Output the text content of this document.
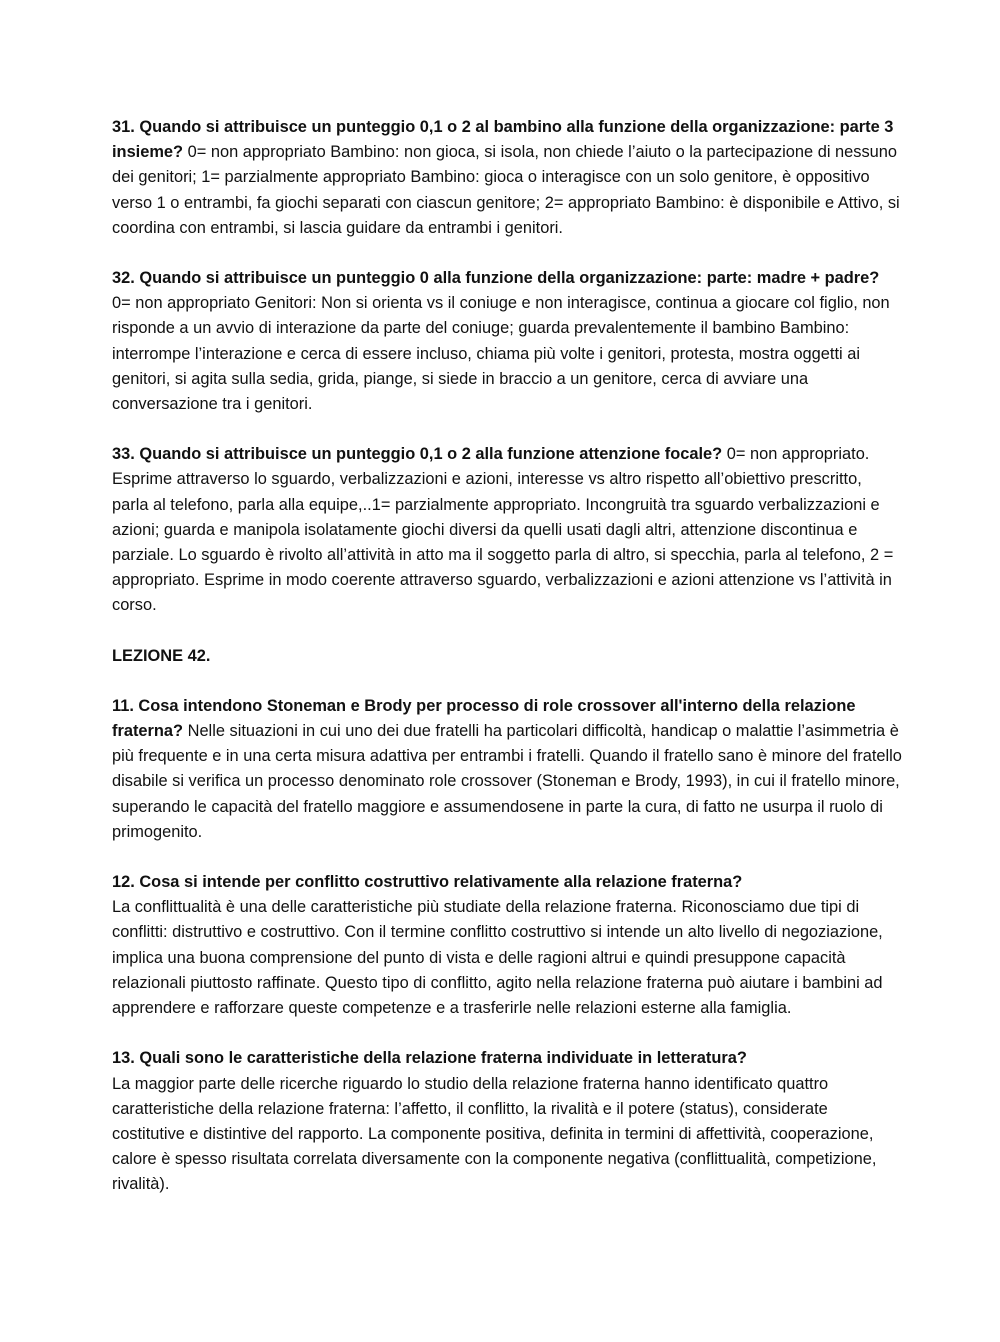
31. Quando si attribuisce un punteggio 0,1 o 2 al bambino alla funzione della organizzazione: parte 3 insieme? 0= non appropriato Bambino: non gioca, si isola, non chiede l’aiuto o la partecipazione di nessuno dei genitori; 1= parzialmente appropriato Bambino: gioca o interagisce con un solo genitore, è oppositivo verso 1 o entrambi, fa giochi separati con ciascun genitore; 2= appropriato Bambino: è disponibile e Attivo, si coordina con entrambi, si lascia guidare da entrambi i genitori.

32. Quando si attribuisce un punteggio 0 alla funzione della organizzazione: parte: madre + padre? 0= non appropriato Genitori: Non si orienta vs il coniuge e non interagisce, continua a giocare col figlio, non risponde a un avvio di interazione da parte del coniuge; guarda prevalentemente il bambino Bambino: interrompe l’interazione e cerca di essere incluso, chiama più volte i genitori, protesta, mostra oggetti ai genitori, si agita sulla sedia, grida, piange, si siede in braccio a un genitore, cerca di avviare una conversazione tra i genitori.

33. Quando si attribuisce un punteggio 0,1 o 2 alla funzione attenzione focale? 0= non appropriato. Esprime attraverso lo sguardo, verbalizzazioni e azioni, interesse vs altro rispetto all’obiettivo prescritto, parla al telefono, parla alla equipe,..1= parzialmente appropriato. Incongruità tra sguardo verbalizzazioni e azioni; guarda e manipola isolatamente giochi diversi da quelli usati dagli altri, attenzione discontinua e parziale. Lo sguardo è rivolto all’attività in atto ma il soggetto parla di altro, si specchia, parla al telefono, 2 = appropriato. Esprime in modo coerente attraverso sguardo, verbalizzazioni e azioni attenzione vs l’attività in corso.

LEZIONE 42.

11. Cosa intendono Stoneman e Brody per processo di role crossover all'interno della relazione fraterna? Nelle situazioni in cui uno dei due fratelli ha particolari difficoltà, handicap o malattie l’asimmetria è più frequente e in una certa misura adattiva per entrambi i fratelli. Quando il fratello sano è minore del fratello disabile si verifica un processo denominato role crossover (Stoneman e Brody, 1993), in cui il fratello minore, superando le capacità del fratello maggiore e assumendosene in parte la cura, di fatto ne usurpa il ruolo di primogenito.

12. Cosa si intende per conflitto costruttivo relativamente alla relazione fraterna?
La conflittualità è una delle caratteristiche più studiate della relazione fraterna. Riconosciamo due tipi di conflitti: distruttivo e costruttivo. Con il termine conflitto costruttivo si intende un alto livello di negoziazione, implica una buona comprensione del punto di vista e delle ragioni altrui e quindi presuppone capacità relazionali piuttosto raffinate. Questo tipo di conflitto, agito nella relazione fraterna può aiutare i bambini ad apprendere e rafforzare queste competenze e a trasferirle nelle relazioni esterne alla famiglia.
13. Quali sono le caratteristiche della relazione fraterna individuate in letteratura?
La maggior parte delle ricerche riguardo lo studio della relazione fraterna hanno identificato quattro caratteristiche della relazione fraterna: l’affetto, il conflitto, la rivalità e il potere (status), considerate costitutive e distintive del rapporto. La componente positiva, definita in termini di affettività, cooperazione, calore è spesso risultata correlata diversamente con la componente negativa (conflittualità, competizione, rivalità).
